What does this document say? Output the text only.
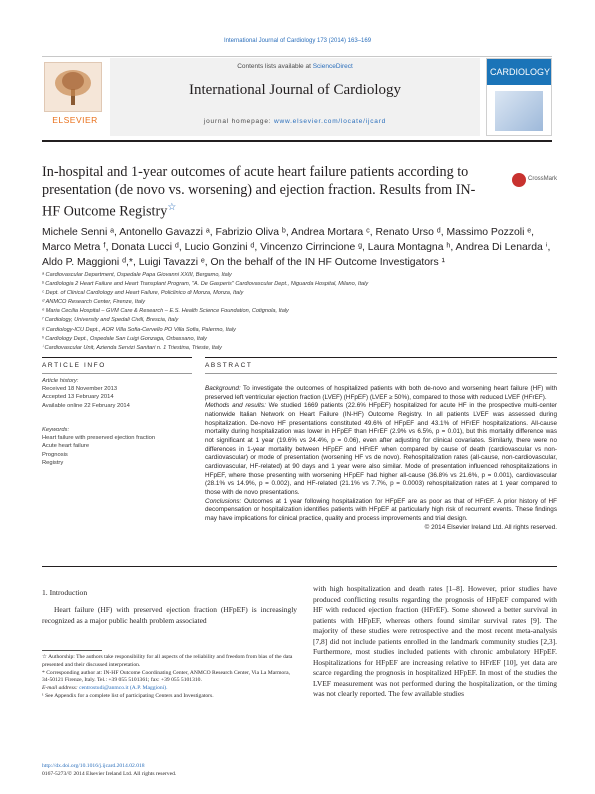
International Journal of Cardiology 173 (2014) 163–169
ELSEVIER
Contents lists available at ScienceDirect
International Journal of Cardiology
journal homepage: www.elsevier.com/locate/ijcard
CARDIOLOGY
In-hospital and 1-year outcomes of acute heart failure patients according to presentation (de novo vs. worsening) and ejection fraction. Results from IN-HF Outcome Registry☆
CrossMark
Michele Senni ᵃ, Antonello Gavazzi ᵃ, Fabrizio Oliva ᵇ, Andrea Mortara ᶜ, Renato Urso ᵈ, Massimo Pozzoli ᵉ,
Marco Metra ᶠ, Donata Lucci ᵈ, Lucio Gonzini ᵈ, Vincenzo Cirrincione ᵍ, Laura Montagna ʰ, Andrea Di Lenarda ⁱ,
Aldo P. Maggioni ᵈ,*, Luigi Tavazzi ᵉ, On the behalf of the IN HF Outcome Investigators ¹
ᵃ Cardiovascular Department, Ospedale Papa Giovanni XXIII, Bergamo, Italy
ᵇ Cardiologia 2 Heart Failure and Heart Transplant Program, "A. De Gasperis" Cardiovascular Dept., Niguarda Hospital, Milano, Italy
ᶜ Dept. of Clinical Cardiology and Heart Failure, Policlinico di Monza, Monza, Italy
ᵈ ANMCO Research Center, Firenze, Italy
ᵉ Maria Cecilia Hospital – GVM Care & Research – E.S. Health Science Foundation, Cotignola, Italy
ᶠ Cardiology, University and Spedali Civili, Brescia, Italy
ᵍ Cardiology-ICU Dept., AOR Villa Sofia-Cervello PO Villa Sofia, Palermo, Italy
ʰ Cardiology Dept., Ospedale San Luigi Gonzaga, Orbassano, Italy
ⁱ Cardiovascular Unit, Azienda Servizi Sanitari n. 1 Triestina, Trieste, Italy
ARTICLE INFO
Article history:
Received 18 November 2013
Accepted 13 February 2014
Available online 22 February 2014
Keywords:
Heart failure with preserved ejection fraction
Acute heart failure
Prognosis
Registry
ABSTRACT

Background: To investigate the outcomes of hospitalized patients with both de-novo and worsening heart failure (HF) with preserved left ventricular ejection fraction (LVEF) (HFpEF) (LVEF ≥ 50%), compared to those with reduced LVEF (HFrEF).

Methods and results: We studied 1669 patients (22.6% HFpEF) hospitalized for acute HF in the prospective multi-center nationwide Italian Network on Heart Failure (IN-HF) Outcome Registry. In all patients LVEF was assessed during hospitalization. De-novo HF presentations constituted 49.6% of HFpEF and 43.1% of HFrEF hospitalizations. All-cause mortality during hospitalization was lower in HFpEF than HFrEF (2.9% vs 6.5%, p = 0.01), but this mortality difference was not significant at 1 year (19.6% vs 24.4%, p = 0.06), even after adjusting for clinical covariates. Similarly, there were no differences in 1-year mortality between HFpEF and HFrEF when compared by cause of death (cardiovascular vs non-cardiovascular) or mode of presentation (worsening HF vs de novo). Rehospitalization rates (all-cause, non-cardiovascular, cardiovascular, HF-related) at 90 days and 1 year were also similar. Mode of presentation influenced rehospitalizations in HFpEF, where those presenting with worsening HFpEF had higher all-cause (36.8% vs 21.6%, p = 0.001), cardiovascular (28.1% vs 14.9%, p = 0.002), and HF-related (21.1% vs 7.7%, p = 0.0003) rehospitalization rates at 1 year compared to those with de novo presentations.

Conclusions: Outcomes at 1 year following hospitalization for HFpEF are as poor as that of HFrEF. A prior history of HF decompensation or hospitalization identifies patients with HFpEF at particularly high risk of recurrent events. These findings may have implications for clinical practice, quality and process improvements and trial design.

© 2014 Elsevier Ireland Ltd. All rights reserved.

1. Introduction
Heart failure (HF) with preserved ejection fraction (HFpEF) is increasingly recognized as a major public health problem associated
with high hospitalization and death rates [1–8]. However, prior studies have produced conflicting results regarding the prognosis of HFpEF compared with HF with reduced ejection fraction (HFrEF). Some showed a better survival in patients with HFpEF, whereas others found similar survival rates [9]. The majority of these studies were retrospective and the most recent meta-analysis [7,8] did not include patients enrolled in the landmark community studies [2,3]. Furthermore, most studies included patients with chronic ambulatory HFpEF. Hospitalizations for HFpEF are increasing relative to HFrEF [10], yet data are scarce regarding the prognosis in hospitalized HFpEF. In most of the studies the LVEF measurement was not performed during the hospitalization, or the timing was not clearly reported. The few available studies
☆ Authorship: The authors take responsibility for all aspects of the reliability and freedom from bias of the data presented and their discussed interpretation.
* Corresponding author at: IN-HF Outcome Coordinating Center, ANMCO Research Center, Via La Marmora, 34-50121 Firenze, Italy. Tel.: +39 055 5101361; fax: +39 055 5101310.
E-mail address: centrostudi@anmco.it (A.P. Maggioni).
¹ See Appendix for a complete list of participating Centers and Investigators.
http://dx.doi.org/10.1016/j.ijcard.2014.02.018
0167-5273/© 2014 Elsevier Ireland Ltd. All rights reserved.
